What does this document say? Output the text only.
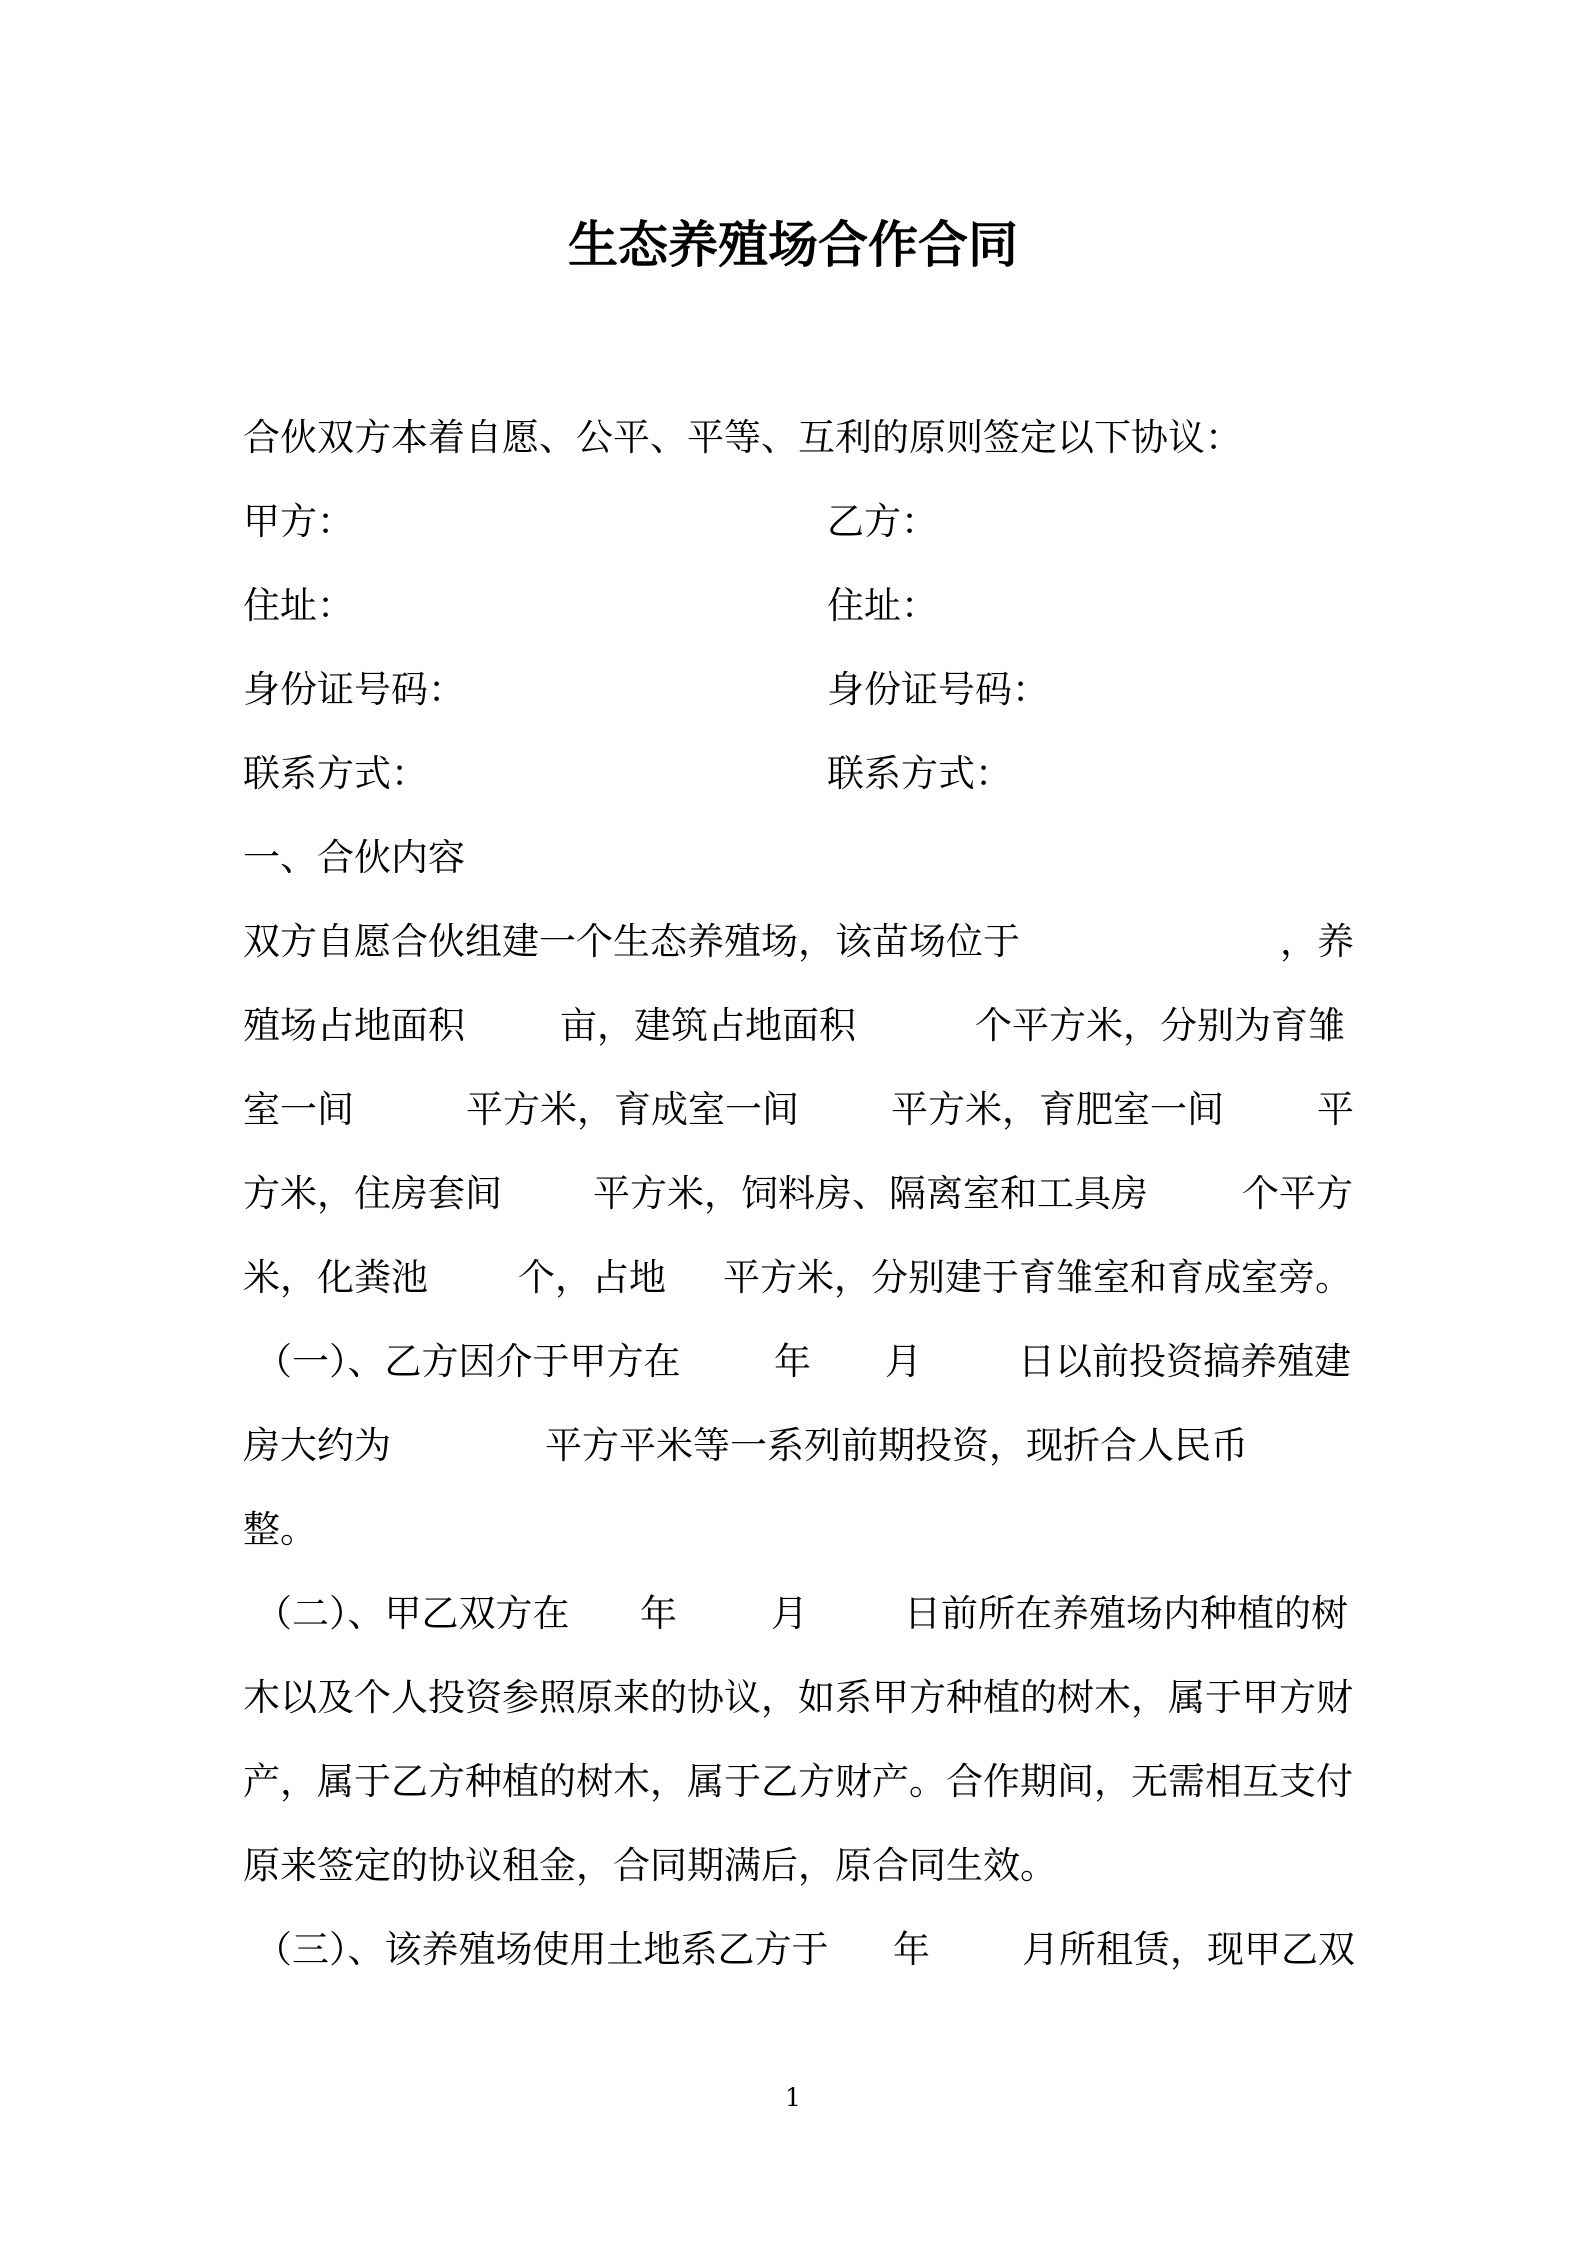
生态养殖场合作合同
合伙双方本着自愿、公平、平等、互利的原则签定以下协议：
甲方：	乙方：
住址：	住址：
身份证号码：	身份证号码：
联系方式：	联系方式：
一、合伙内容
双方自愿合伙组建一个生态养殖场，该苗场位于	，养
殖场占地面积	亩，建筑占地面积	个平方米，分别为育雏
室一间	平方米，育成室一间 平方米，育肥室一间	平
方米，住房套间 平方米，饲料房、隔离室和工具房	个平方
米，化粪池 个，占地 平方米，分别建于育雏室和育成室旁。
（一）、乙方因介于甲方在	年 月	日以前投资搞养殖建
房大约为	平方平米等一系列前期投资，现折合人民币
整。
（二）、甲乙双方在 年	月	日前所在养殖场内种植的树
木以及个人投资参照原来的协议，如系甲方种植的树木，属于甲方财
产，属于乙方种植的树木，属于乙方财产。合作期间，无需相互支付
原来签定的协议租金，合同期满后，原合同生效。
（三）、该养殖场使用土地系乙方于 年 月所租赁，现甲乙双
1
